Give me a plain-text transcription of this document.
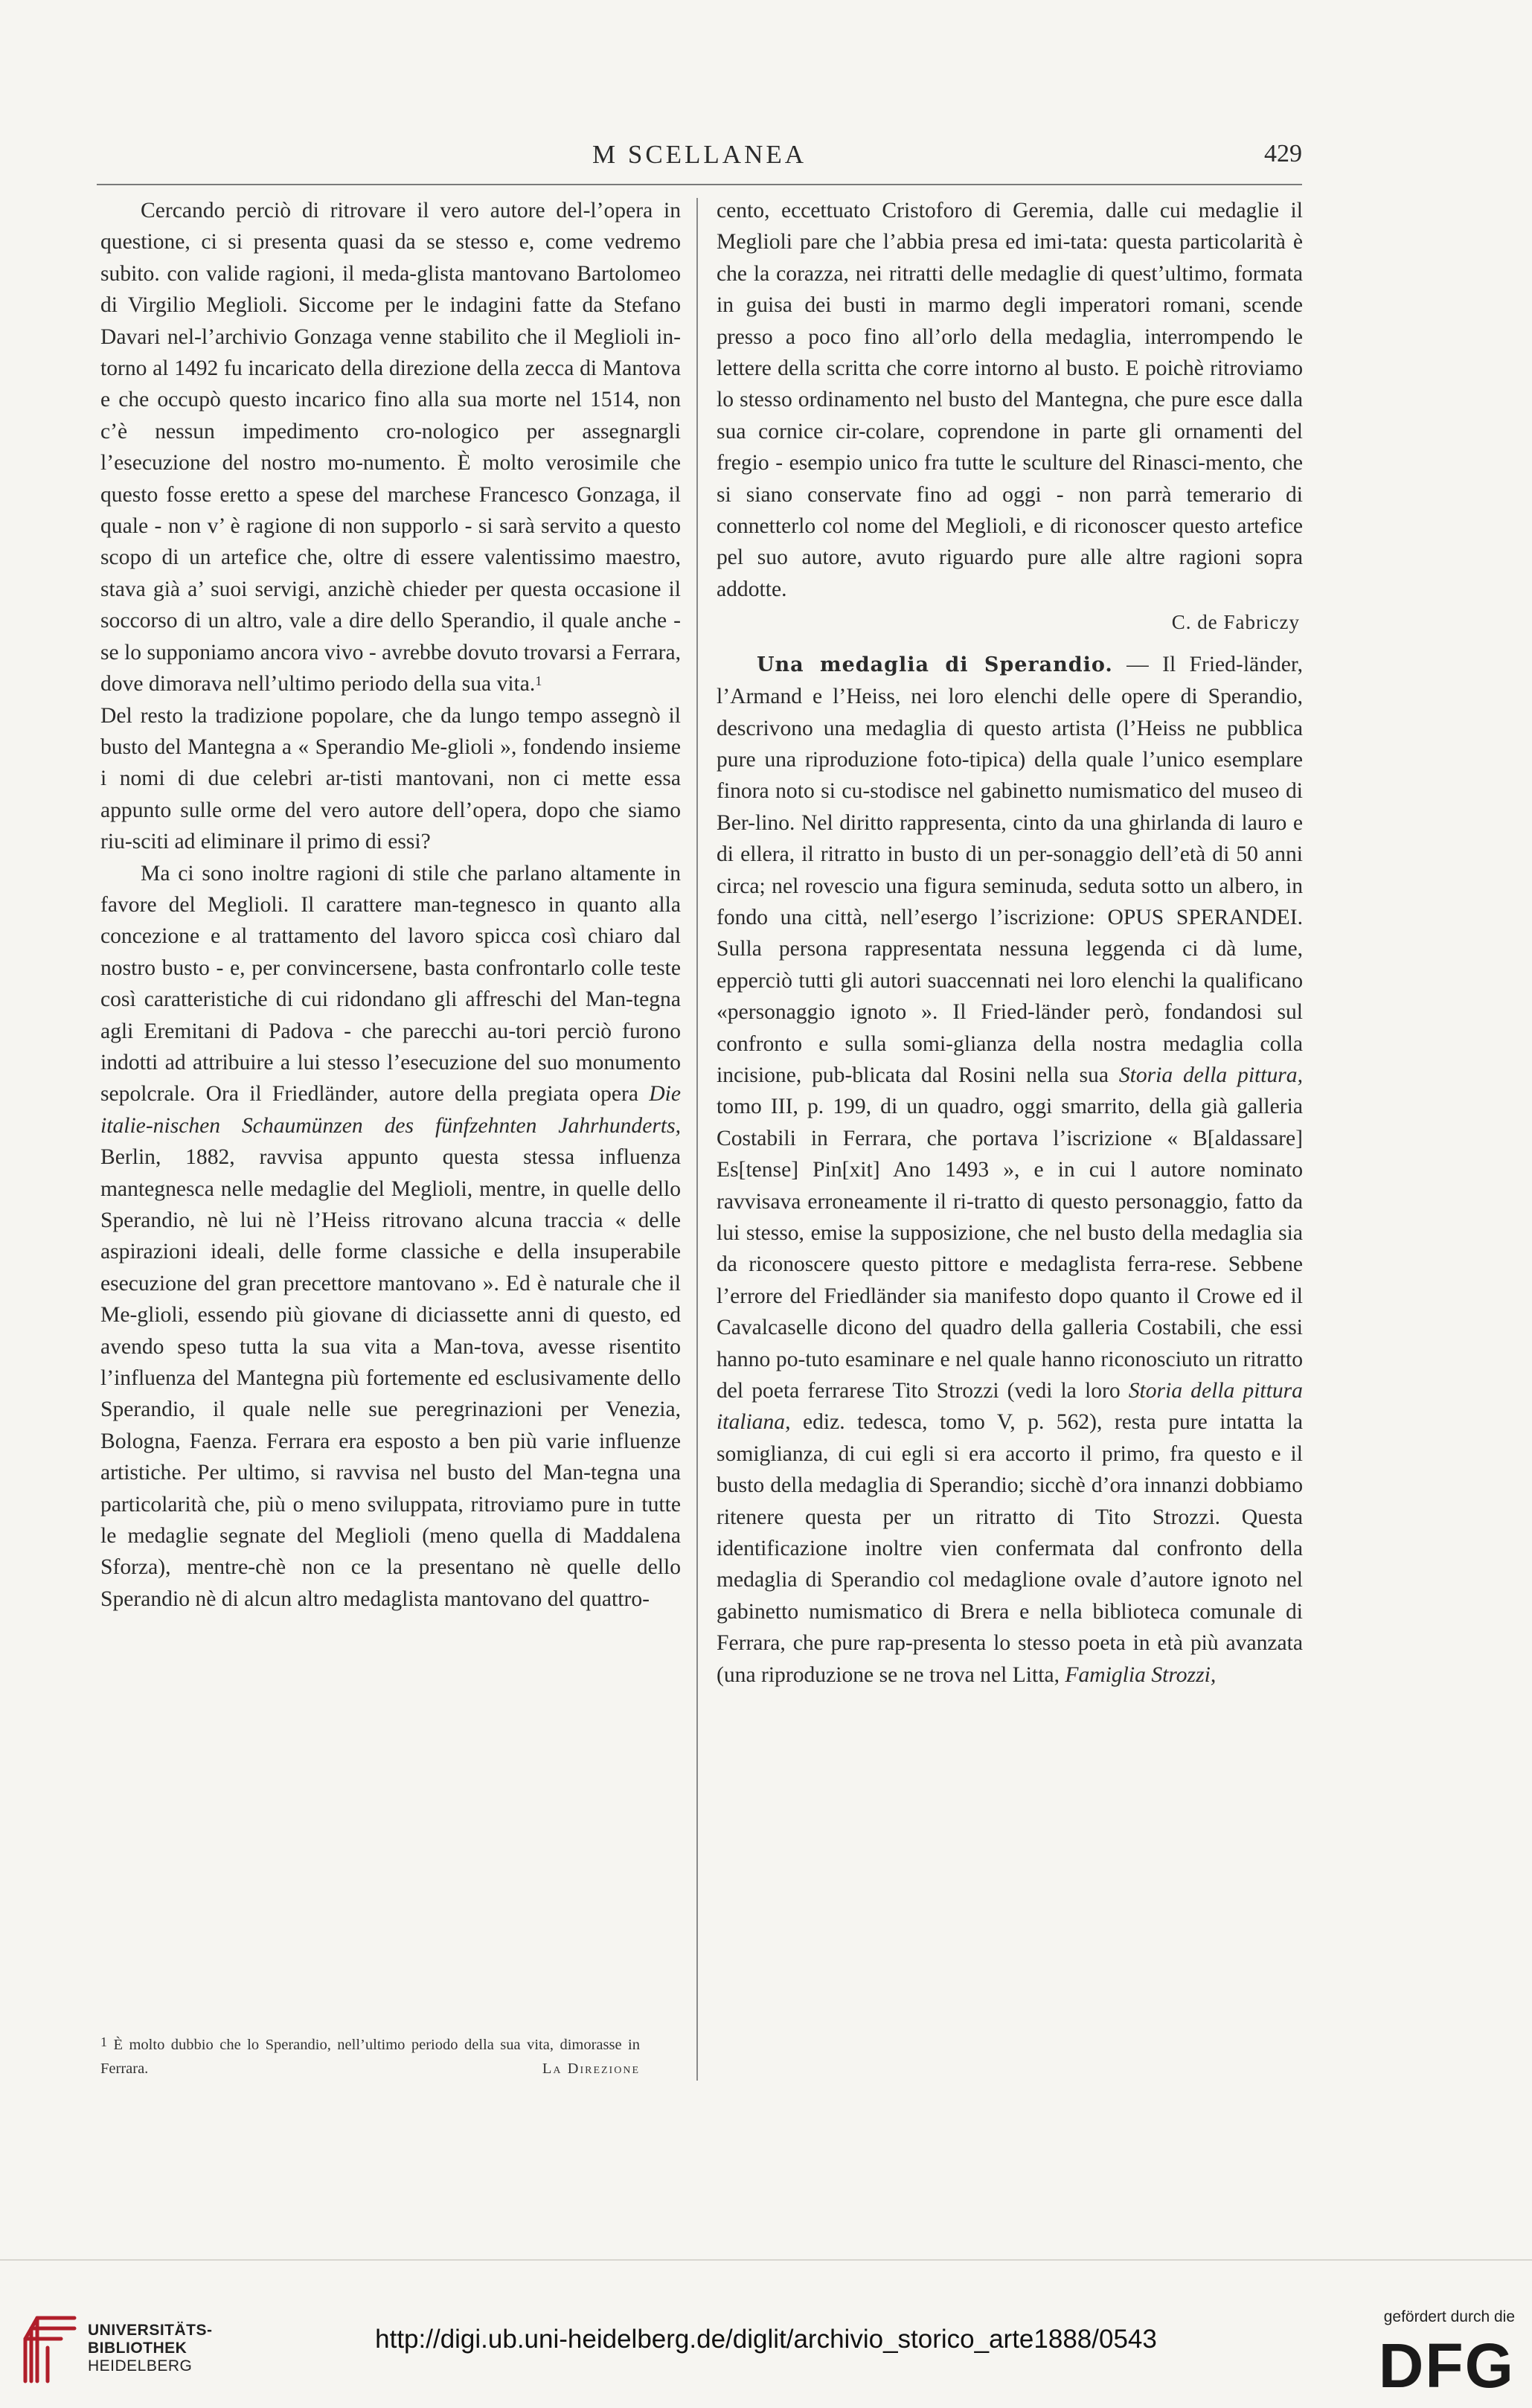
M SCELLANEA	429

Cercando perciò di ritrovare il vero autore del-l’opera in questione, ci si presenta quasi da se stesso e, come vedremo subito. con valide ragioni, il meda-glista mantovano Bartolomeo di Virgilio Meglioli. Siccome per le indagini fatte da Stefano Davari nel-l’archivio Gonzaga venne stabilito che il Meglioli in-torno al 1492 fu incaricato della direzione della zecca di Mantova e che occupò questo incarico fino alla sua morte nel 1514, non c’è nessun impedimento cro-nologico per assegnargli l’esecuzione del nostro mo-numento. È molto verosimile che questo fosse eretto a spese del marchese Francesco Gonzaga, il quale - non v’ è ragione di non supporlo - si sarà servito a questo scopo di un artefice che, oltre di essere valentissimo maestro, stava già a’ suoi servigi, anzichè chieder per questa occasione il soccorso di un altro, vale a dire dello Sperandio, il quale anche - se lo supponiamo ancora vivo - avrebbe dovuto trovarsi a Ferrara, dove dimorava nell’ultimo periodo della sua vita.$^1$

Del resto la tradizione popolare, che da lungo tempo assegnò il busto del Mantegna a « Sperandio Me-glioli », fondendo insieme i nomi di due celebri ar-tisti mantovani, non ci mette essa appunto sulle orme del vero autore dell’opera, dopo che siamo riu-sciti ad eliminare il primo di essi?

Ma ci sono inoltre ragioni di stile che parlano altamente in favore del Meglioli. Il carattere man-tegnesco in quanto alla concezione e al trattamento del lavoro spicca così chiaro dal nostro busto - e, per convincersene, basta confrontarlo colle teste così caratteristiche di cui ridondano gli affreschi del Man-tegna agli Eremitani di Padova - che parecchi au-tori perciò furono indotti ad attribuire a lui stesso l’esecuzione del suo monumento sepolcrale. Ora il Friedländer, autore della pregiata opera Die italie-nischen Schaumünzen des fünfzehnten Jahrhunderts, Berlin, 1882, ravvisa appunto questa stessa influenza mantegnesca nelle medaglie del Meglioli, mentre, in quelle dello Sperandio, nè lui nè l’Heiss ritrovano alcuna traccia « delle aspirazioni ideali, delle forme classiche e della insuperabile esecuzione del gran precettore mantovano ». Ed è naturale che il Me-glioli, essendo più giovane di diciassette anni di questo, ed avendo speso tutta la sua vita a Man-tova, avesse risentito l’influenza del Mantegna più fortemente ed esclusivamente dello Sperandio, il quale nelle sue peregrinazioni per Venezia, Bologna, Faenza. Ferrara era esposto a ben più varie influenze artistiche. Per ultimo, si ravvisa nel busto del Man-tegna una particolarità che, più o meno sviluppata, ritroviamo pure in tutte le medaglie segnate del Meglioli (meno quella di Maddalena Sforza), mentre-chè non ce la presentano nè quelle dello Sperandio nè di alcun altro medaglista mantovano del quattro-

1 È molto dubbio che lo Sperandio, nell’ultimo periodo della sua vita, dimorasse in Ferrara.	La Direzione

cento, eccettuato Cristoforo di Geremia, dalle cui medaglie il Meglioli pare che l’abbia presa ed imi-tata: questa particolarità è che la corazza, nei ritratti delle medaglie di quest’ultimo, formata in guisa dei busti in marmo degli imperatori romani, scende presso a poco fino all’orlo della medaglia, interrompendo le lettere della scritta che corre intorno al busto. E poichè ritroviamo lo stesso ordinamento nel busto del Mantegna, che pure esce dalla sua cornice cir-colare, coprendone in parte gli ornamenti del fregio - esempio unico fra tutte le sculture del Rinasci-mento, che si siano conservate fino ad oggi - non parrà temerario di connetterlo col nome del Meglioli, e di riconoscer questo artefice pel suo autore, avuto riguardo pure alle altre ragioni sopra addotte.

C. de Fabriczy

Una medaglia di Sperandio. — Il Fried-länder, l’Armand e l’Heiss, nei loro elenchi delle opere di Sperandio, descrivono una medaglia di questo artista (l’Heiss ne pubblica pure una riproduzione foto-tipica) della quale l’unico esemplare finora noto si cu-stodisce nel gabinetto numismatico del museo di Ber-lino. Nel diritto rappresenta, cinto da una ghirlanda di lauro e di ellera, il ritratto in busto di un per-sonaggio dell’età di 50 anni circa; nel rovescio una figura seminuda, seduta sotto un albero, in fondo una città, nell’esergo l’iscrizione: OPUS SPERANDEI. Sulla persona rappresentata nessuna leggenda ci dà lume, epperciò tutti gli autori suaccennati nei loro elenchi la qualificano «personaggio ignoto ». Il Fried-länder però, fondandosi sul confronto e sulla somi-glianza della nostra medaglia colla incisione, pub-blicata dal Rosini nella sua Storia della pittura, tomo III, p. 199, di un quadro, oggi smarrito, della già galleria Costabili in Ferrara, che portava l’iscrizione « B[aldassare] Es[tense] Pin[xit] Ano 1493 », e in cui l autore nominato ravvisava erroneamente il ri-tratto di questo personaggio, fatto da lui stesso, emise la supposizione, che nel busto della medaglia sia da riconoscere questo pittore e medaglista ferra-rese. Sebbene l’errore del Friedländer sia manifesto dopo quanto il Crowe ed il Cavalcaselle dicono del quadro della galleria Costabili, che essi hanno po-tuto esaminare e nel quale hanno riconosciuto un ritratto del poeta ferrarese Tito Strozzi (vedi la loro Storia della pittura italiana, ediz. tedesca, tomo V, p. 562), resta pure intatta la somiglianza, di cui egli si era accorto il primo, fra questo e il busto della medaglia di Sperandio; sicchè d’ora innanzi dobbiamo ritenere questa per un ritratto di Tito Strozzi. Questa identificazione inoltre vien confermata dal confronto della medaglia di Sperandio col medaglione ovale d’autore ignoto nel gabinetto numismatico di Brera e nella biblioteca comunale di Ferrara, che pure rap-presenta lo stesso poeta in età più avanzata (una riproduzione se ne trova nel Litta, Famiglia Strozzi,

UNIVERSITÄTS-
BIBLIOTHEK
HEIDELBERG
http://digi.ub.uni-heidelberg.de/diglit/archivio_storico_arte1888/0543
gefördert durch die
DFG
